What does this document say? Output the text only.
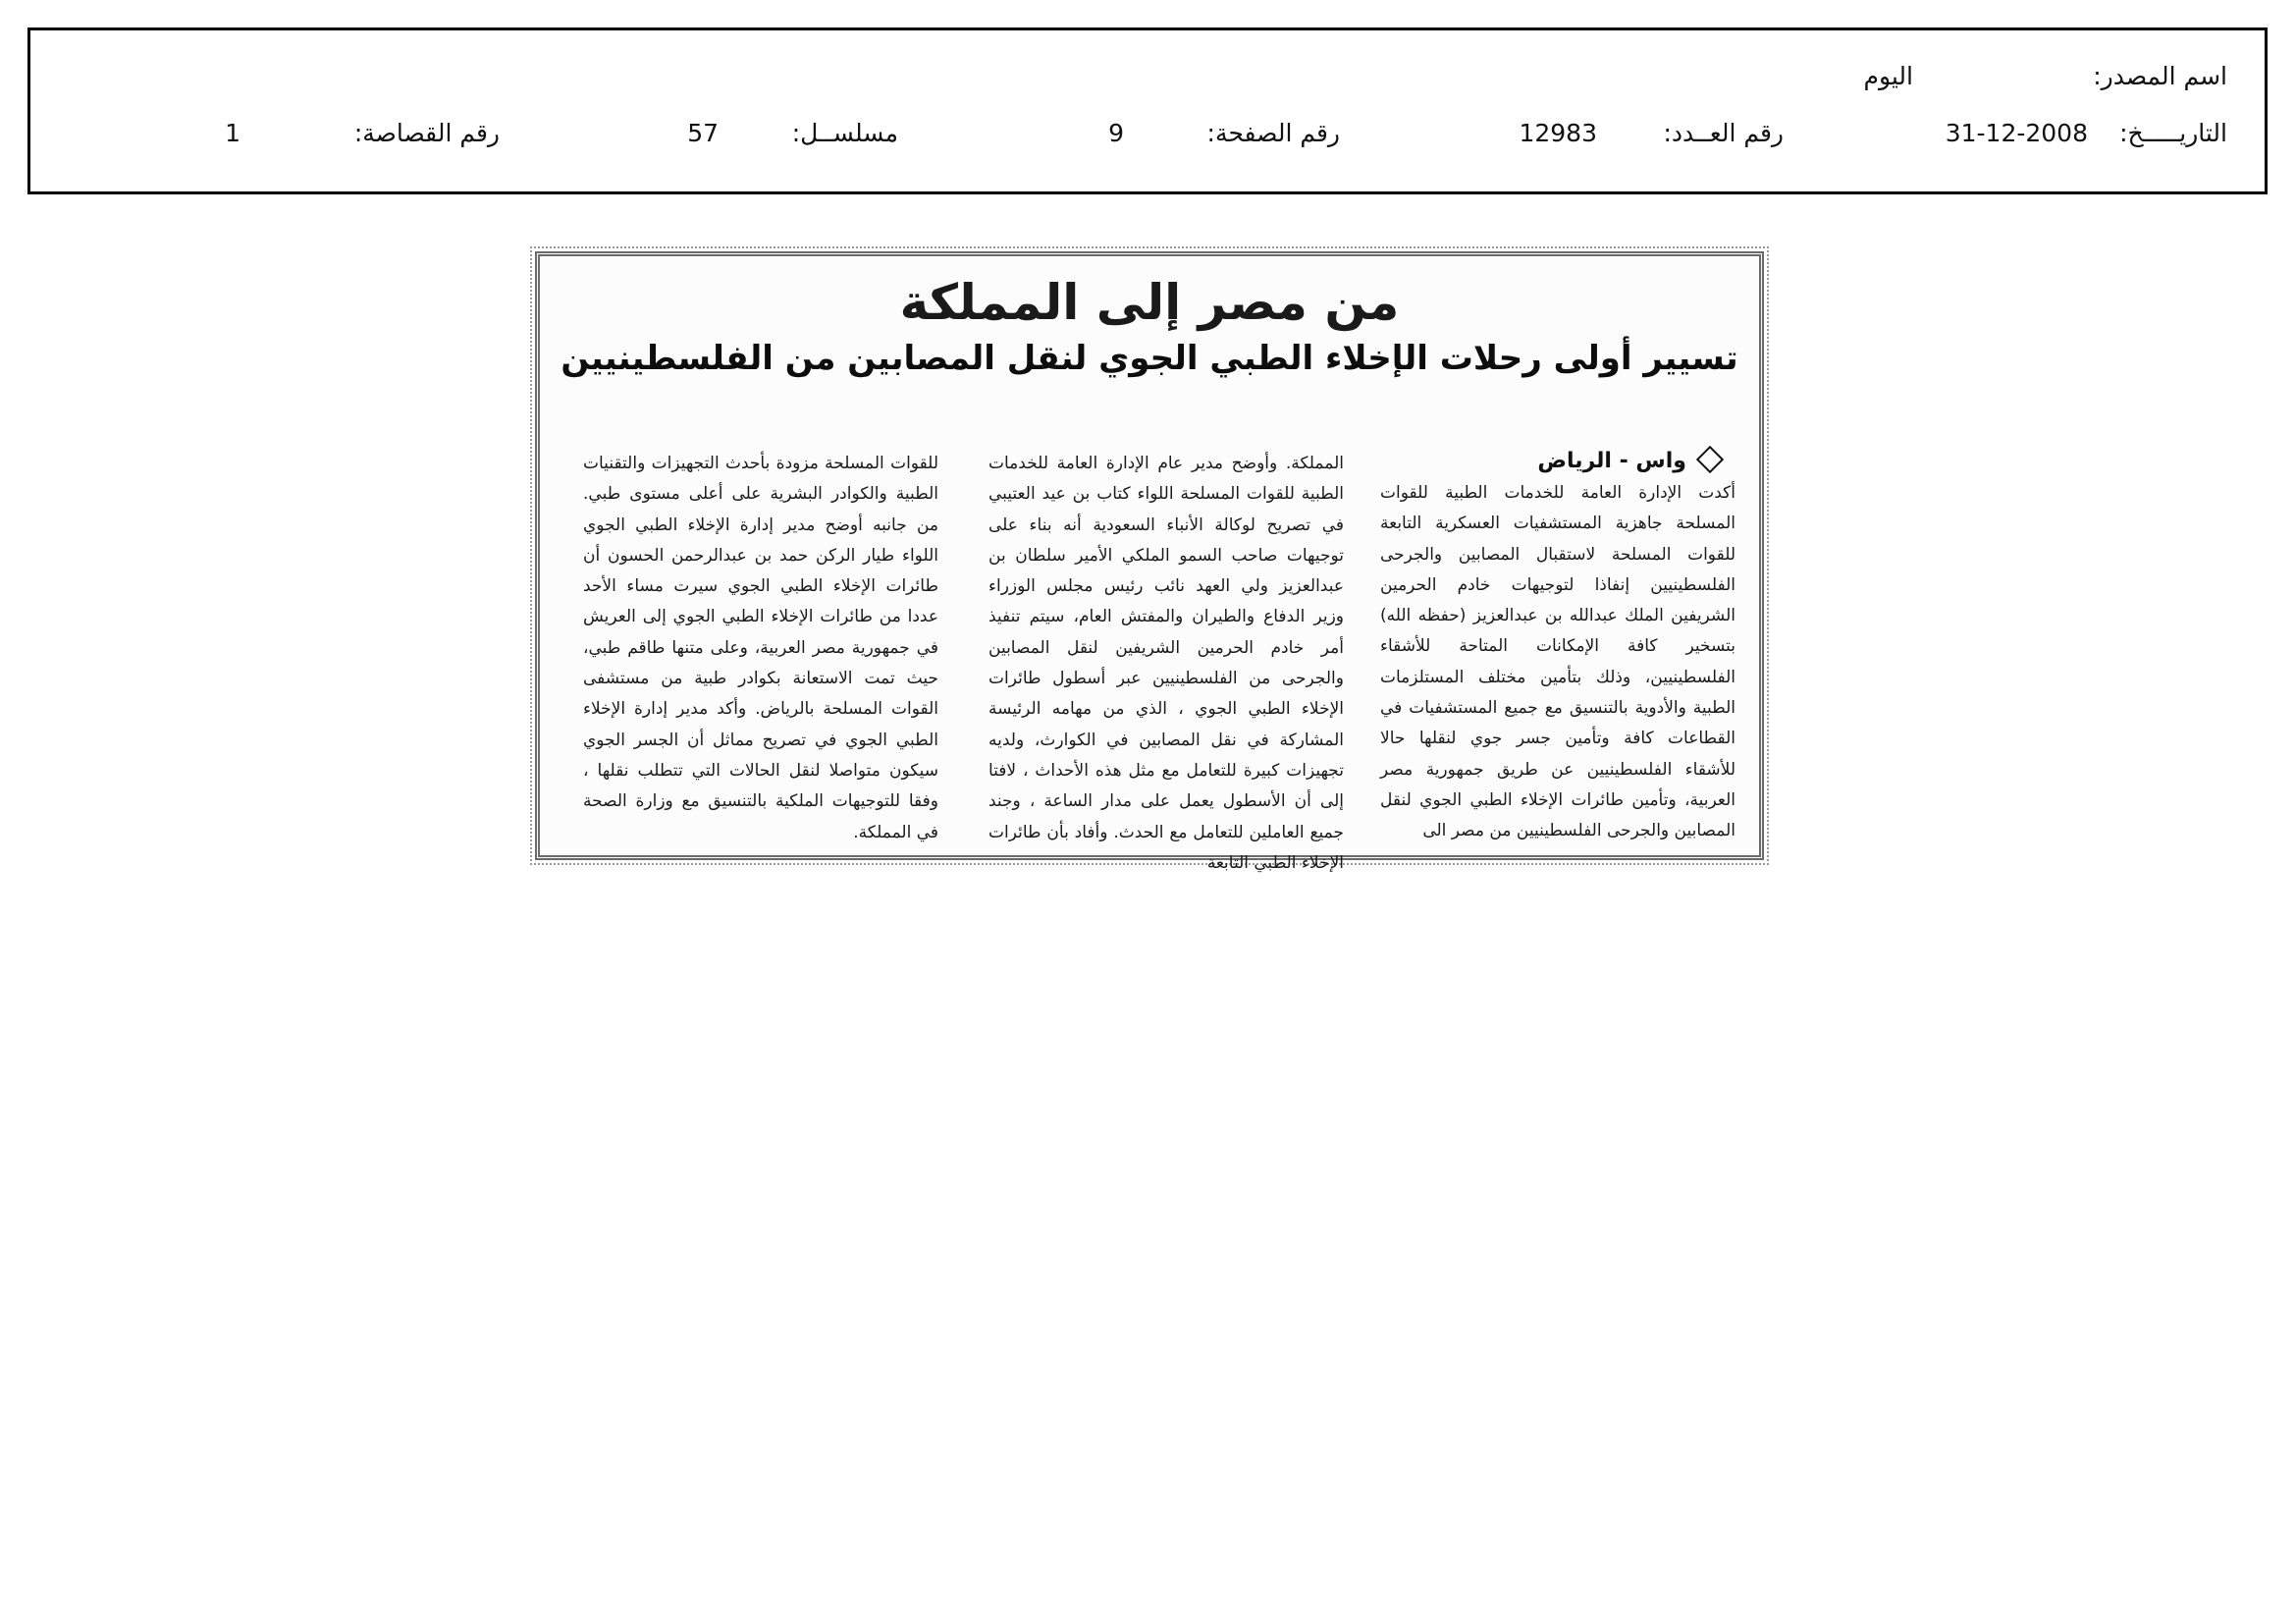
اسم المصدر:
اليوم
التاريـــــخ:
31-12-2008
رقم العــدد:
12983
رقم الصفحة:
9
مسلســل:
57
رقم القصاصة:
1
من مصر إلى المملكة
تسيير أولى رحلات الإخلاء الطبي الجوي لنقل المصابين من الفلسطينيين
واس - الرياض
أكدت الإدارة العامة للخدمات الطبية للقوات المسلحة جاهزية المستشفيات العسكرية التابعة للقوات المسلحة لاستقبال المصابين والجرحى الفلسطينيين إنفاذا لتوجيهات خادم الحرمين الشريفين الملك عبدالله بن عبدالعزيز (حفظه الله) بتسخير كافة الإمكانات المتاحة للأشقاء الفلسطينيين، وذلك بتأمين مختلف المستلزمات الطبية والأدوية بالتنسيق مع جميع المستشفيات في القطاعات كافة وتأمين جسر جوي لنقلها حالا للأشقاء الفلسطينيين عن طريق جمهورية مصر العربية، وتأمين طائرات الإخلاء الطبي الجوي لنقل المصابين والجرحى الفلسطينيين من مصر الى
المملكة. وأوضح مدير عام الإدارة العامة للخدمات الطبية للقوات المسلحة اللواء كتاب بن عيد العتيبي في تصريح لوكالة الأنباء السعودية أنه بناء على توجيهات صاحب السمو الملكي الأمير سلطان بن عبدالعزيز ولي العهد نائب رئيس مجلس الوزراء وزير الدفاع والطيران والمفتش العام، سيتم تنفيذ أمر خادم الحرمين الشريفين لنقل المصابين والجرحى من الفلسطينيين عبر أسطول طائرات الإخلاء الطبي الجوي ، الذي من مهامه الرئيسة المشاركة في نقل المصابين في الكوارث، ولديه تجهيزات كبيرة للتعامل مع مثل هذه الأحداث ، لافتا إلى أن الأسطول يعمل على مدار الساعة ، وجند جميع العاملين للتعامل مع الحدث. وأفاد بأن طائرات الإخلاء الطبي التابعة
للقوات المسلحة مزودة بأحدث التجهيزات والتقنيات الطبية والكوادر البشرية على أعلى مستوى طبي. من جانبه أوضح مدير إدارة الإخلاء الطبي الجوي اللواء طيار الركن حمد بن عبدالرحمن الحسون أن طائرات الإخلاء الطبي الجوي سيرت مساء الأحد عددا من طائرات الإخلاء الطبي الجوي إلى العريش في جمهورية مصر العربية، وعلى متنها طاقم طبي، حيث تمت الاستعانة بكوادر طبية من مستشفى القوات المسلحة بالرياض. وأكد مدير إدارة الإخلاء الطبي الجوي في تصريح مماثل أن الجسر الجوي سيكون متواصلا لنقل الحالات التي تتطلب نقلها ، وفقا للتوجيهات الملكية بالتنسيق مع وزارة الصحة في المملكة.
